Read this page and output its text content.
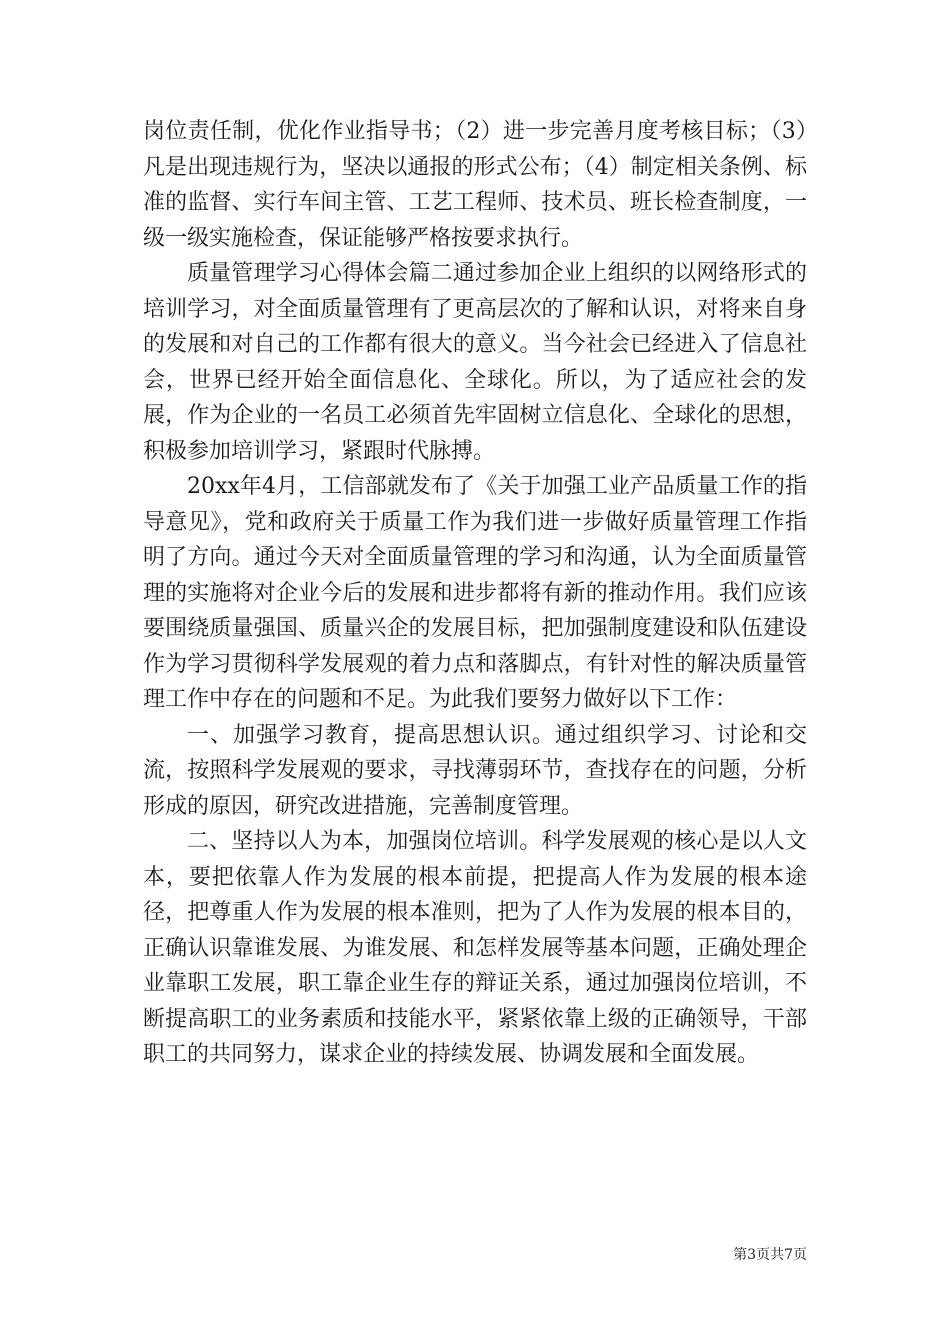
岗位责任制，优化作业指导书；（2）进一步完善月度考核目标；（3）凡是出现违规行为，坚决以通报的形式公布；（4）制定相关条例、标准的监督、实行车间主管、工艺工程师、技术员、班长检查制度，一级一级实施检查，保证能够严格按要求执行。

质量管理学习心得体会篇二通过参加企业上组织的以网络形式的培训学习，对全面质量管理有了更高层次的了解和认识，对将来自身的发展和对自己的工作都有很大的意义。当今社会已经进入了信息社会，世界已经开始全面信息化、全球化。所以，为了适应社会的发展，作为企业的一名员工必须首先牢固树立信息化、全球化的思想，积极参加培训学习，紧跟时代脉搏。

20xx年4月，工信部就发布了《关于加强工业产品质量工作的指导意见》，党和政府关于质量工作为我们进一步做好质量管理工作指明了方向。通过今天对全面质量管理的学习和沟通，认为全面质量管理的实施将对企业今后的发展和进步都将有新的推动作用。我们应该要围绕质量强国、质量兴企的发展目标，把加强制度建设和队伍建设作为学习贯彻科学发展观的着力点和落脚点，有针对性的解决质量管理工作中存在的问题和不足。为此我们要努力做好以下工作：

一、加强学习教育，提高思想认识。通过组织学习、讨论和交流，按照科学发展观的要求，寻找薄弱环节，查找存在的问题，分析形成的原因，研究改进措施，完善制度管理。

二、坚持以人为本，加强岗位培训。科学发展观的核心是以人文本，要把依靠人作为发展的根本前提，把提高人作为发展的根本途径，把尊重人作为发展的根本准则，把为了人作为发展的根本目的，正确认识靠谁发展、为谁发展、和怎样发展等基本问题，正确处理企业靠职工发展，职工靠企业生存的辩证关系，通过加强岗位培训，不断提高职工的业务素质和技能水平，紧紧依靠上级的正确领导，干部职工的共同努力，谋求企业的持续发展、协调发展和全面发展。

第3页共7页
